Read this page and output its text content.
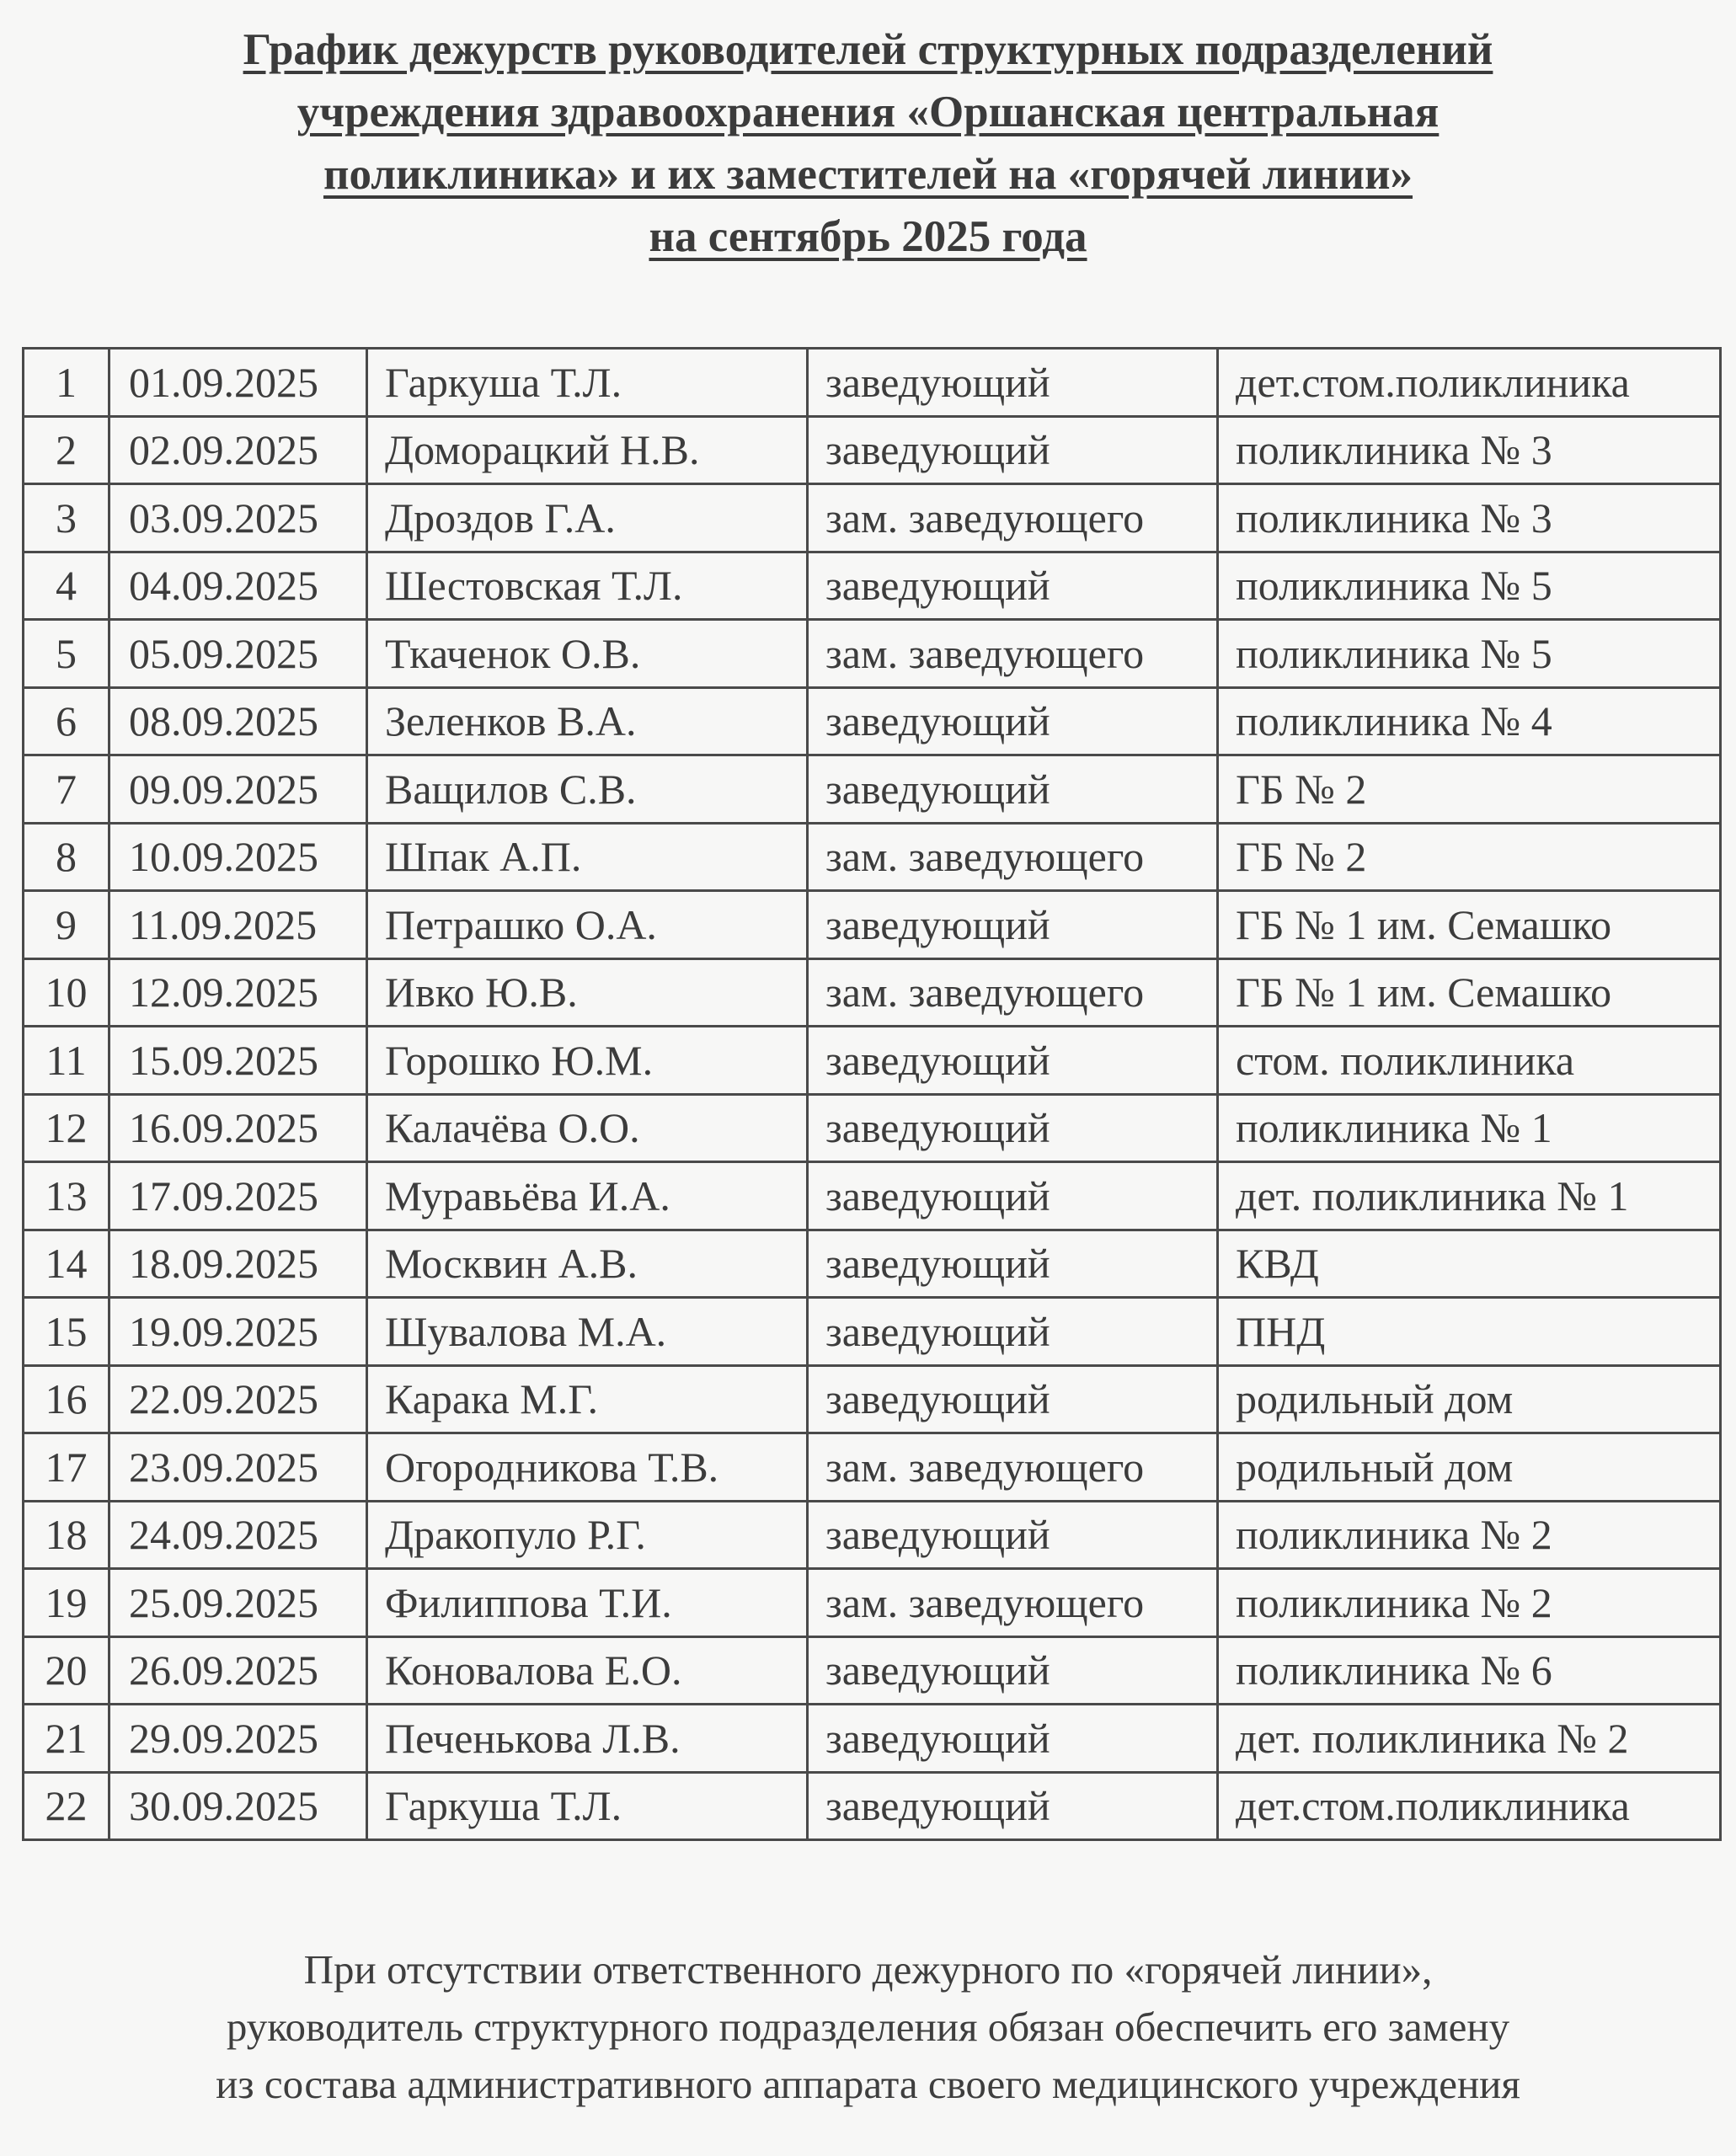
График дежурств руководителей структурных подразделений
учреждения здравоохранения «Оршанская центральная
поликлиника» и их заместителей на «горячей линии»
на сентябрь 2025 года
1	01.09.2025	Гаркуша Т.Л.	заведующий	дет.стом.поликлиника
2	02.09.2025	Доморацкий Н.В.	заведующий	поликлиника № 3
3	03.09.2025	Дроздов Г.А.	зам. заведующего	поликлиника № 3
4	04.09.2025	Шестовская Т.Л.	заведующий	поликлиника № 5
5	05.09.2025	Ткаченок О.В.	зам. заведующего	поликлиника № 5
6	08.09.2025	Зеленков В.А.	заведующий	поликлиника № 4
7	09.09.2025	Ващилов С.В.	заведующий	ГБ № 2
8	10.09.2025	Шпак А.П.	зам. заведующего	ГБ № 2
9	11.09.2025	Петрашко О.А.	заведующий	ГБ № 1 им. Семашко
10	12.09.2025	Ивко Ю.В.	зам. заведующего	ГБ № 1 им. Семашко
11	15.09.2025	Горошко Ю.М.	заведующий	стом. поликлиника
12	16.09.2025	Калачёва О.О.	заведующий	поликлиника № 1
13	17.09.2025	Муравьёва И.А.	заведующий	дет. поликлиника № 1
14	18.09.2025	Москвин А.В.	заведующий	КВД
15	19.09.2025	Шувалова М.А.	заведующий	ПНД
16	22.09.2025	Карака М.Г.	заведующий	родильный дом
17	23.09.2025	Огородникова Т.В.	зам. заведующего	родильный дом
18	24.09.2025	Дракопуло Р.Г.	заведующий	поликлиника № 2
19	25.09.2025	Филиппова Т.И.	зам. заведующего	поликлиника № 2
20	26.09.2025	Коновалова Е.О.	заведующий	поликлиника № 6
21	29.09.2025	Печенькова Л.В.	заведующий	дет. поликлиника № 2
22	30.09.2025	Гаркуша Т.Л.	заведующий	дет.стом.поликлиника
При отсутствии ответственного дежурного по «горячей линии»,
руководитель структурного подразделения обязан обеспечить его замену
из состава административного аппарата своего медицинского учреждения
